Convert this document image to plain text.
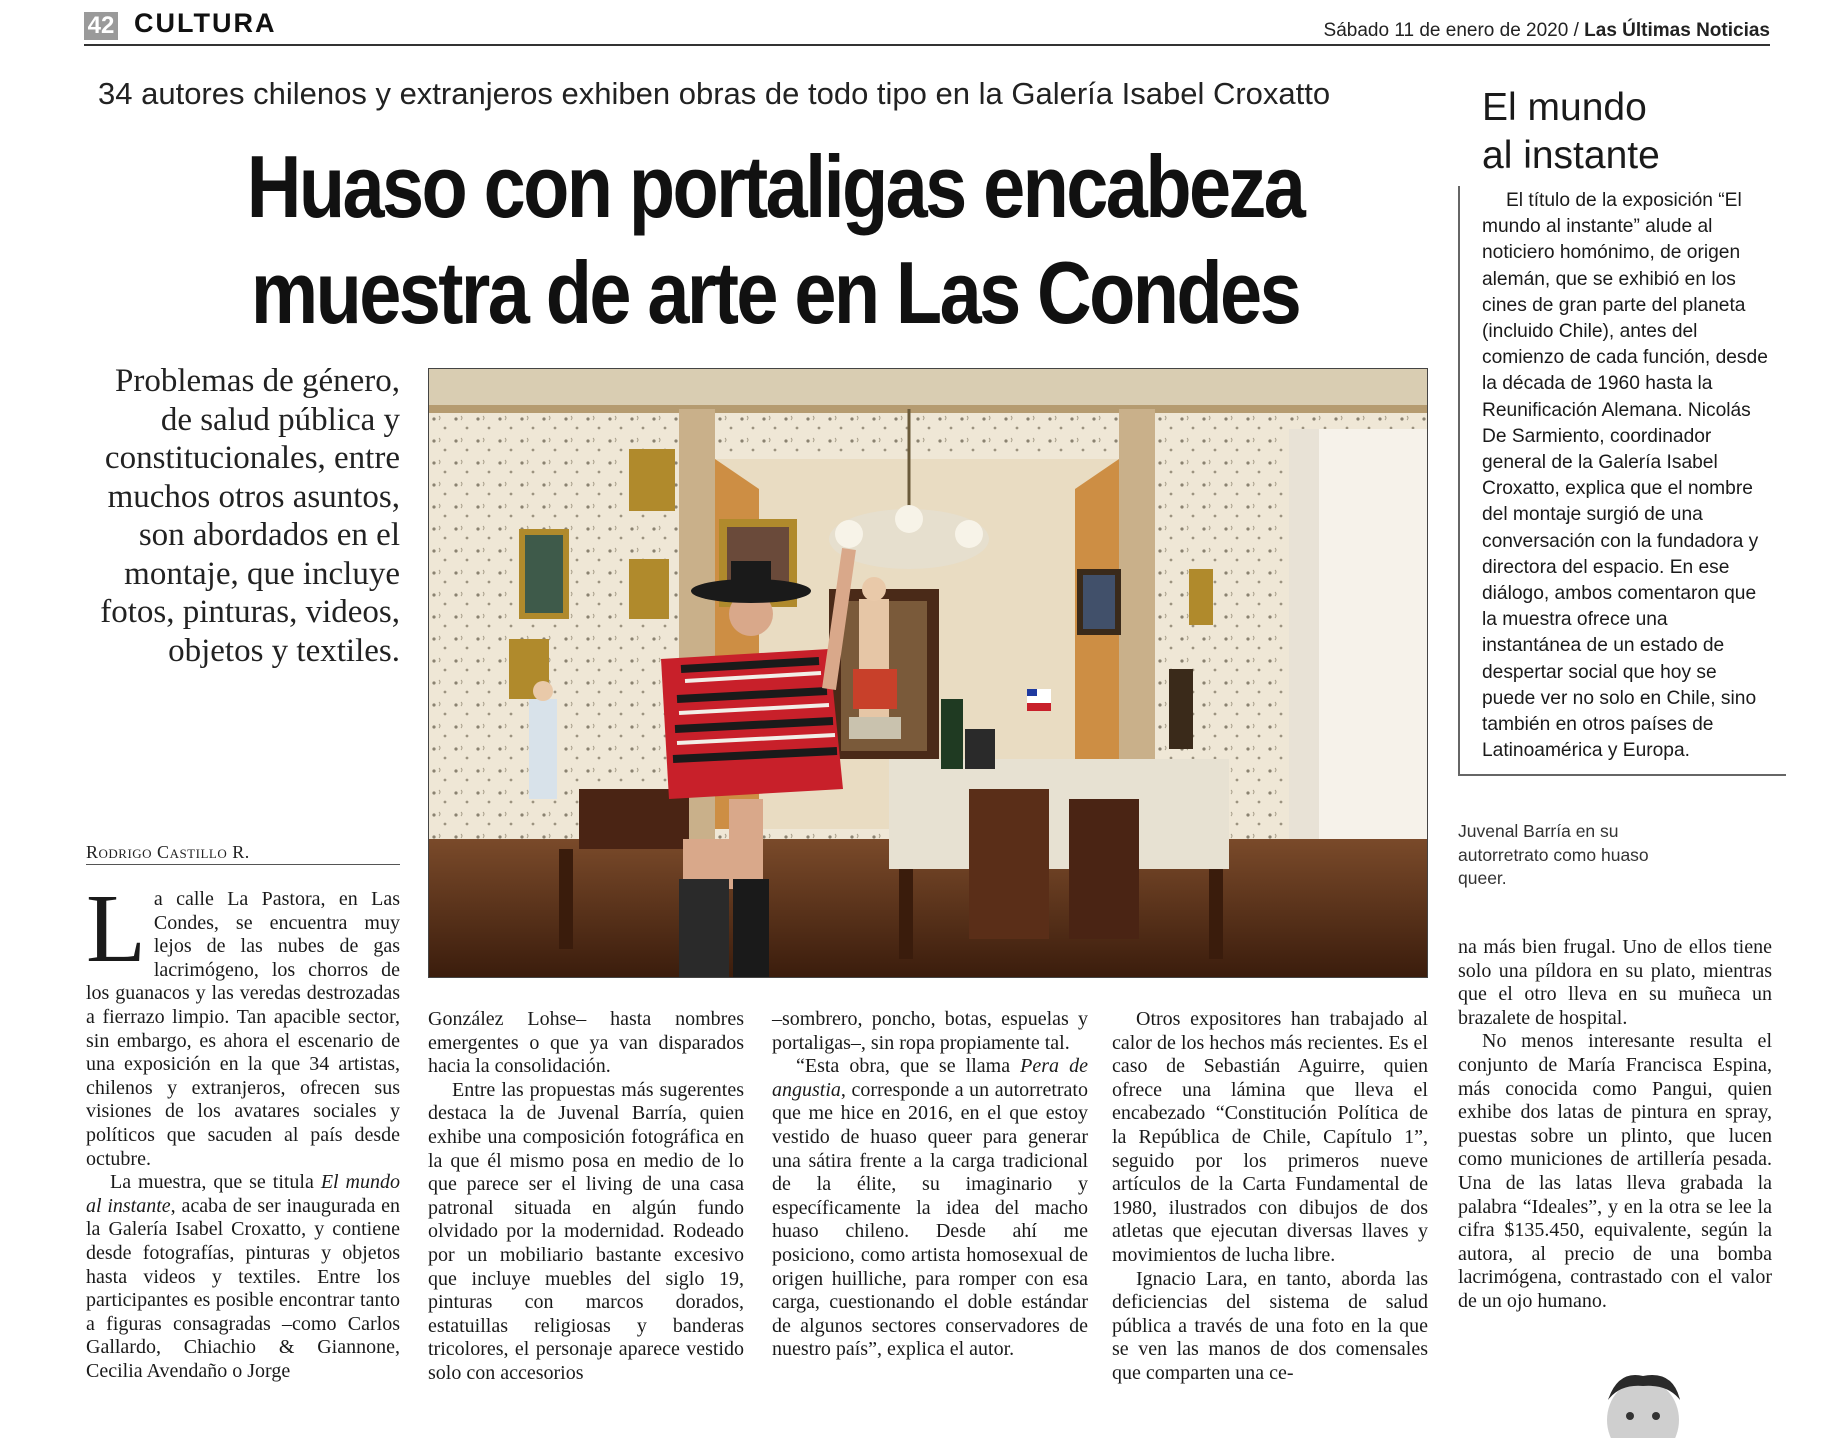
42 CULTURA	Sábado 11 de enero de 2020 / Las Últimas Noticias
34 autores chilenos y extranjeros exhiben obras de todo tipo en la Galería Isabel Croxatto
Huaso con portaligas encabeza
muestra de arte en Las Condes
Problemas de género, de salud pública y constitucionales, entre muchos otros asuntos, son abordados en el montaje, que incluye fotos, pinturas, videos, objetos y textiles.
Rodrigo Castillo R.
El mundo
al instante

El título de la exposición “El mundo al instante” alude al noticiero homónimo, de origen alemán, que se exhibió en los cines de gran parte del planeta (incluido Chile), antes del comienzo de cada función, desde la década de 1960 hasta la Reunificación Alemana. Nicolás De Sarmiento, coordinador general de la Galería Isabel Croxatto, explica que el nombre del montaje surgió de una conversación con la fundadora y directora del espacio. En ese diálogo, ambos comentaron que la muestra ofrece una instantánea de un estado de despertar social que hoy se puede ver no solo en Chile, sino también en otros países de Latinoamérica y Europa.

Juvenal Barría en su autorretrato como huaso queer.

La calle La Pastora, en Las Condes, se encuentra muy lejos de las nubes de gas lacrimógeno, los chorros de los guanacos y las veredas destrozadas a fierrazo limpio. Tan apacible sector, sin embargo, es ahora el escenario de una exposición en la que 34 artistas, chilenos y extranjeros, ofrecen sus visiones de los avatares sociales y políticos que sacuden al país desde octubre.

La muestra, que se titula El mundo al instante, acaba de ser inaugurada en la Galería Isabel Croxatto, y contiene desde fotografías, pinturas y objetos hasta videos y textiles. Entre los participantes es posible encontrar tanto a figuras consagradas –como Carlos Gallardo, Chiachio & Giannone, Cecilia Avendaño o Jorge

González Lohse– hasta nombres emergentes o que ya van disparados hacia la consolidación.

Entre las propuestas más sugerentes destaca la de Juvenal Barría, quien exhibe una composición fotográfica en la que él mismo posa en medio de lo que parece ser el living de una casa patronal situada en algún fundo olvidado por la modernidad. Rodeado por un mobiliario bastante excesivo que incluye muebles del siglo 19, pinturas con marcos dorados, estatuillas religiosas y banderas tricolores, el personaje aparece vestido solo con accesorios

–sombrero, poncho, botas, espuelas y portaligas–, sin ropa propiamente tal.

“Esta obra, que se llama Pera de angustia, corresponde a un autorretrato que me hice en 2016, en el que estoy vestido de huaso queer para generar una sátira frente a la carga tradicional de la élite, su imaginario y específicamente la idea del macho huaso chileno. Desde ahí me posiciono, como artista homosexual de origen huilliche, para romper con esa carga, cuestionando el doble estándar de algunos sectores conservadores de nuestro país”, explica el autor.

Otros expositores han trabajado al calor de los hechos más recientes. Es el caso de Sebastián Aguirre, quien ofrece una lámina que lleva el encabezado “Constitución Política de la República de Chile, Capítulo 1”, seguido por los primeros nueve artículos de la Carta Fundamental de 1980, ilustrados con dibujos de dos atletas que ejecutan diversas llaves y movimientos de lucha libre.

Ignacio Lara, en tanto, aborda las deficiencias del sistema de salud pública a través de una foto en la que se ven las manos de dos comensales que comparten una ce-

na más bien frugal. Uno de ellos tiene solo una píldora en su plato, mientras que el otro lleva en su muñeca un brazalete de hospital.

No menos interesante resulta el conjunto de María Francisca Espina, más conocida como Pangui, quien exhibe dos latas de pintura en spray, puestas sobre un plinto, que lucen como municiones de artillería pesada. Una de las latas lleva grabada la palabra “Ideales”, y en la otra se lee la cifra $135.450, equivalente, según la autora, al precio de una bomba lacrimógena, contrastado con el valor de un ojo humano.
